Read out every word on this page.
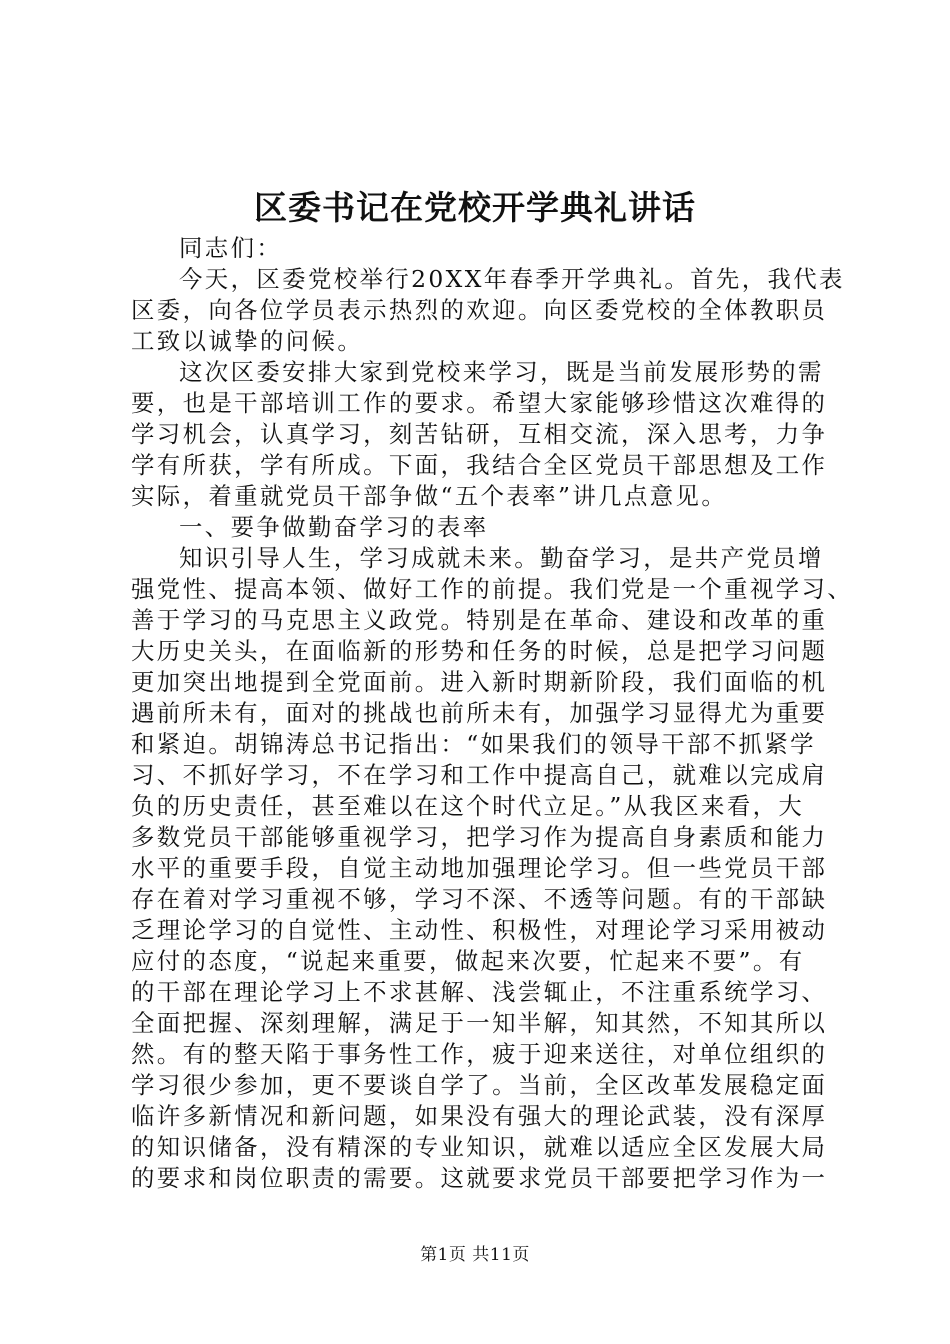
区委书记在党校开学典礼讲话
同志们：
今天，区委党校举行20XX年春季开学典礼。首先，我代表
区委，向各位学员表示热烈的欢迎。向区委党校的全体教职员
工致以诚挚的问候。
这次区委安排大家到党校来学习，既是当前发展形势的需
要，也是干部培训工作的要求。希望大家能够珍惜这次难得的
学习机会，认真学习，刻苦钻研，互相交流，深入思考，力争
学有所获，学有所成。下面，我结合全区党员干部思想及工作
实际，着重就党员干部争做“五个表率”讲几点意见。
一、要争做勤奋学习的表率
知识引导人生，学习成就未来。勤奋学习，是共产党员增
强党性、提高本领、做好工作的前提。我们党是一个重视学习、
善于学习的马克思主义政党。特别是在革命、建设和改革的重
大历史关头，在面临新的形势和任务的时候，总是把学习问题
更加突出地提到全党面前。进入新时期新阶段，我们面临的机
遇前所未有，面对的挑战也前所未有，加强学习显得尤为重要
和紧迫。胡锦涛总书记指出：“如果我们的领导干部不抓紧学
习、不抓好学习，不在学习和工作中提高自己，就难以完成肩
负的历史责任，甚至难以在这个时代立足。”从我区来看，大
多数党员干部能够重视学习，把学习作为提高自身素质和能力
水平的重要手段，自觉主动地加强理论学习。但一些党员干部
存在着对学习重视不够，学习不深、不透等问题。有的干部缺
乏理论学习的自觉性、主动性、积极性，对理论学习采用被动
应付的态度，“说起来重要，做起来次要，忙起来不要”。有
的干部在理论学习上不求甚解、浅尝辄止，不注重系统学习、
全面把握、深刻理解，满足于一知半解，知其然，不知其所以
然。有的整天陷于事务性工作，疲于迎来送往，对单位组织的
学习很少参加，更不要谈自学了。当前，全区改革发展稳定面
临许多新情况和新问题，如果没有强大的理论武装，没有深厚
的知识储备，没有精深的专业知识，就难以适应全区发展大局
的要求和岗位职责的需要。这就要求党员干部要把学习作为一
第1页 共11页
